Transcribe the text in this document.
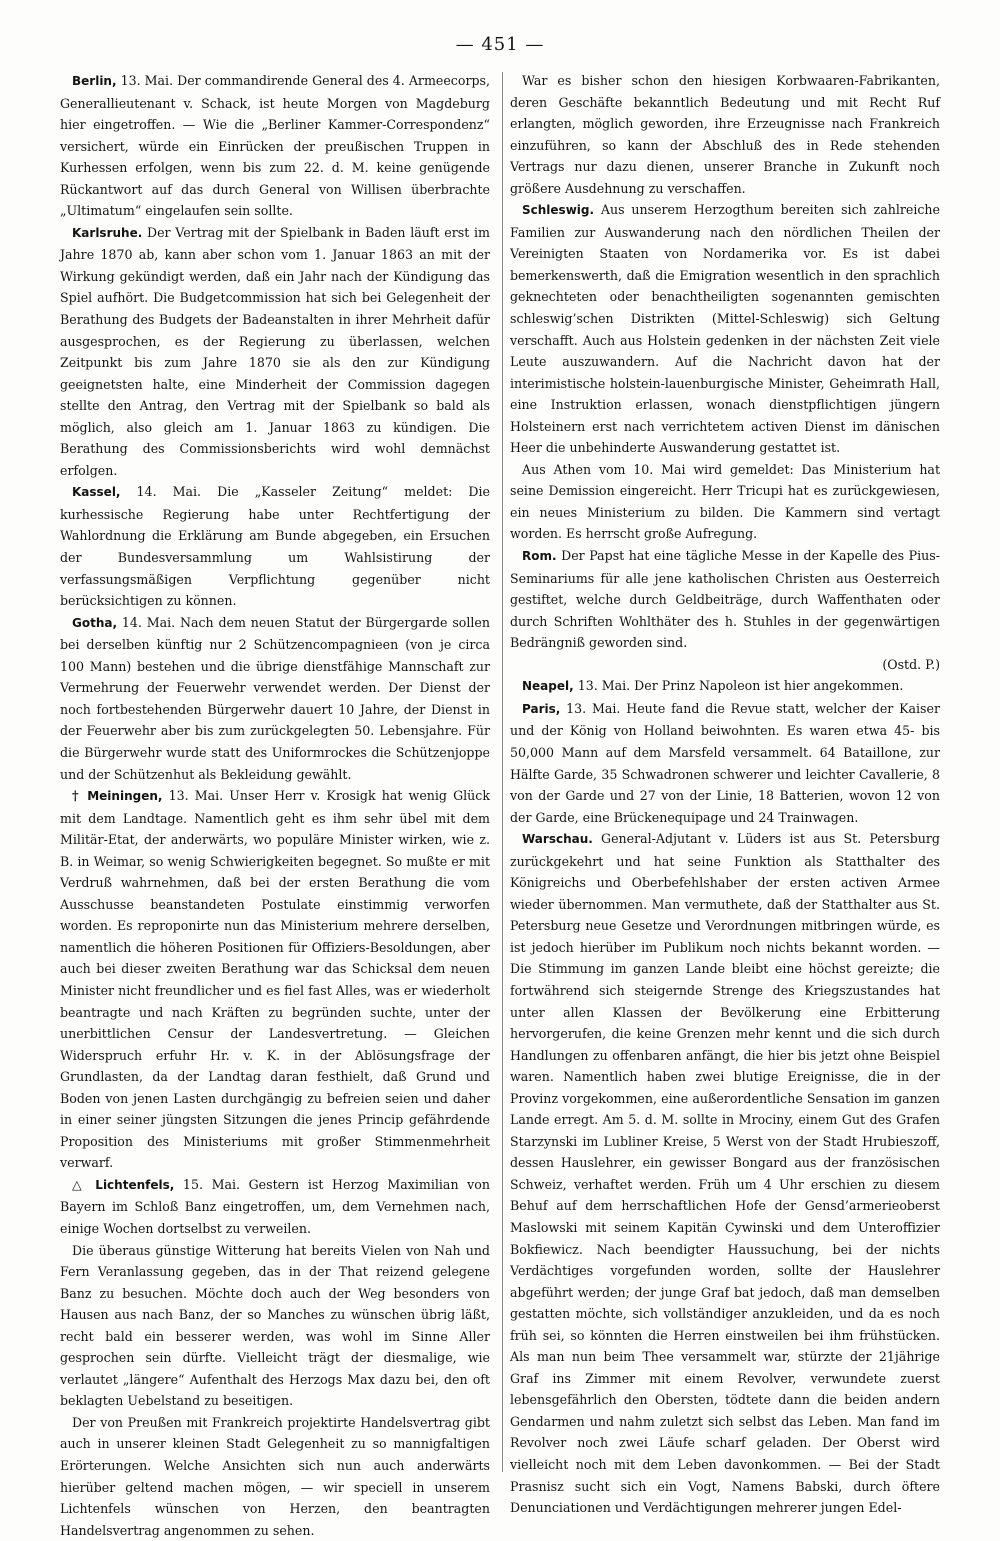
— 451 —

Berlin, 13. Mai. Der commandirende General des 4. Armeecorps, Generallieutenant v. Schack, ist heute Morgen von Magdeburg hier eingetroffen. — Wie die „Berliner Kammer-Correspondenz“ versichert, würde ein Einrücken der preußischen Truppen in Kurhessen erfolgen, wenn bis zum 22. d. M. keine genügende Rückantwort auf das durch General von Willisen überbrachte „Ultimatum“ eingelaufen sein sollte.

Karlsruhe. Der Vertrag mit der Spielbank in Baden läuft erst im Jahre 1870 ab, kann aber schon vom 1. Januar 1863 an mit der Wirkung gekündigt werden, daß ein Jahr nach der Kündigung das Spiel aufhört. Die Budgetcommission hat sich bei Gelegenheit der Berathung des Budgets der Badeanstalten in ihrer Mehrheit dafür ausgesprochen, es der Regierung zu überlassen, welchen Zeitpunkt bis zum Jahre 1870 sie als den zur Kündigung geeignetsten halte, eine Minderheit der Commission dagegen stellte den Antrag, den Vertrag mit der Spielbank so bald als möglich, also gleich am 1. Januar 1863 zu kündigen. Die Berathung des Commissionsberichts wird wohl demnächst erfolgen.

Kassel, 14. Mai. Die „Kasseler Zeitung“ meldet: Die kurhessische Regierung habe unter Rechtfertigung der Wahlordnung die Erklärung am Bunde abgegeben, ein Ersuchen der Bundesversammlung um Wahlsistirung der verfassungsmäßigen Verpflichtung gegenüber nicht berücksichtigen zu können.

Gotha, 14. Mai. Nach dem neuen Statut der Bürgergarde sollen bei derselben künftig nur 2 Schützencompagnieen (von je circa 100 Mann) bestehen und die übrige dienstfähige Mannschaft zur Vermehrung der Feuerwehr verwendet werden. Der Dienst der noch fortbestehenden Bürgerwehr dauert 10 Jahre, der Dienst in der Feuerwehr aber bis zum zurückgelegten 50. Lebensjahre. Für die Bürgerwehr wurde statt des Uniformrockes die Schützenjoppe und der Schützenhut als Bekleidung gewählt.

† Meiningen, 13. Mai. Unser Herr v. Krosigk hat wenig Glück mit dem Landtage. Namentlich geht es ihm sehr übel mit dem Militär-Etat, der anderwärts, wo populäre Minister wirken, wie z. B. in Weimar, so wenig Schwierigkeiten begegnet. So mußte er mit Verdruß wahrnehmen, daß bei der ersten Berathung die vom Ausschusse beanstandeten Postulate einstimmig verworfen worden. Es reproponirte nun das Ministerium mehrere derselben, namentlich die höheren Positionen für Offiziers-Besoldungen, aber auch bei dieser zweiten Berathung war das Schicksal dem neuen Minister nicht freundlicher und es fiel fast Alles, was er wiederholt beantragte und nach Kräften zu begründen suchte, unter der unerbittlichen Censur der Landesvertretung. — Gleichen Widerspruch erfuhr Hr. v. K. in der Ablösungsfrage der Grundlasten, da der Landtag daran festhielt, daß Grund und Boden von jenen Lasten durchgängig zu befreien seien und daher in einer seiner jüngsten Sitzungen die jenes Princip gefährdende Proposition des Ministeriums mit großer Stimmenmehrheit verwarf.

△ Lichtenfels, 15. Mai. Gestern ist Herzog Maximilian von Bayern im Schloß Banz eingetroffen, um, dem Vernehmen nach, einige Wochen dortselbst zu verweilen.

Die überaus günstige Witterung hat bereits Vielen von Nah und Fern Veranlassung gegeben, das in der That reizend gelegene Banz zu besuchen. Möchte doch auch der Weg besonders von Hausen aus nach Banz, der so Manches zu wünschen übrig läßt, recht bald ein besserer werden, was wohl im Sinne Aller gesprochen sein dürfte. Vielleicht trägt der diesmalige, wie verlautet „längere“ Aufenthalt des Herzogs Max dazu bei, den oft beklagten Uebelstand zu beseitigen.

Der von Preußen mit Frankreich projektirte Handelsvertrag gibt auch in unserer kleinen Stadt Gelegenheit zu so mannigfaltigen Erörterungen. Welche Ansichten sich nun auch anderwärts hierüber geltend machen mögen, — wir speciell in unserem Lichtenfels wünschen von Herzen, den beantragten Handelsvertrag angenommen zu sehen.

War es bisher schon den hiesigen Korbwaaren-Fabrikanten, deren Geschäfte bekanntlich Bedeutung und mit Recht Ruf erlangten, möglich geworden, ihre Erzeugnisse nach Frankreich einzuführen, so kann der Abschluß des in Rede stehenden Vertrags nur dazu dienen, unserer Branche in Zukunft noch größere Ausdehnung zu verschaffen.

Schleswig. Aus unserem Herzogthum bereiten sich zahlreiche Familien zur Auswanderung nach den nördlichen Theilen der Vereinigten Staaten von Nordamerika vor. Es ist dabei bemerkenswerth, daß die Emigration wesentlich in den sprachlich geknechteten oder benachtheiligten sogenannten gemischten schleswig’schen Distrikten (Mittel-Schleswig) sich Geltung verschafft. Auch aus Holstein gedenken in der nächsten Zeit viele Leute auszuwandern. Auf die Nachricht davon hat der interimistische holstein-lauenburgische Minister, Geheimrath Hall, eine Instruktion erlassen, wonach dienstpflichtigen jüngern Holsteinern erst nach verrichtetem activen Dienst im dänischen Heer die unbehinderte Auswanderung gestattet ist.

Aus Athen vom 10. Mai wird gemeldet: Das Ministerium hat seine Demission eingereicht. Herr Tricupi hat es zurückgewiesen, ein neues Ministerium zu bilden. Die Kammern sind vertagt worden. Es herrscht große Aufregung.

Rom. Der Papst hat eine tägliche Messe in der Kapelle des Pius-Seminariums für alle jene katholischen Christen aus Oesterreich gestiftet, welche durch Geldbeiträge, durch Waffenthaten oder durch Schriften Wohlthäter des h. Stuhles in der gegenwärtigen Bedrängniß geworden sind.
(Ostd. P.)

Neapel, 13. Mai. Der Prinz Napoleon ist hier angekommen.

Paris, 13. Mai. Heute fand die Revue statt, welcher der Kaiser und der König von Holland beiwohnten. Es waren etwa 45- bis 50,000 Mann auf dem Marsfeld versammelt. 64 Bataillone, zur Hälfte Garde, 35 Schwadronen schwerer und leichter Cavallerie, 8 von der Garde und 27 von der Linie, 18 Batterien, wovon 12 von der Garde, eine Brückenequipage und 24 Trainwagen.

Warschau. General-Adjutant v. Lüders ist aus St. Petersburg zurückgekehrt und hat seine Funktion als Statthalter des Königreichs und Oberbefehlshaber der ersten activen Armee wieder übernommen. Man vermuthete, daß der Statthalter aus St. Petersburg neue Gesetze und Verordnungen mitbringen würde, es ist jedoch hierüber im Publikum noch nichts bekannt worden. — Die Stimmung im ganzen Lande bleibt eine höchst gereizte; die fortwährend sich steigernde Strenge des Kriegszustandes hat unter allen Klassen der Bevölkerung eine Erbitterung hervorgerufen, die keine Grenzen mehr kennt und die sich durch Handlungen zu offenbaren anfängt, die hier bis jetzt ohne Beispiel waren. Namentlich haben zwei blutige Ereignisse, die in der Provinz vorgekommen, eine außerordentliche Sensation im ganzen Lande erregt. Am 5. d. M. sollte in Mrociny, einem Gut des Grafen Starzynski im Lubliner Kreise, 5 Werst von der Stadt Hrubieszoff, dessen Hauslehrer, ein gewisser Bongard aus der französischen Schweiz, verhaftet werden. Früh um 4 Uhr erschien zu diesem Behuf auf dem herrschaftlichen Hofe der Gensd’armerieoberst Maslowski mit seinem Kapitän Cywinski und dem Unteroffizier Bokfiewicz. Nach beendigter Haussuchung, bei der nichts Verdächtiges vorgefunden worden, sollte der Hauslehrer abgeführt werden; der junge Graf bat jedoch, daß man demselben gestatten möchte, sich vollständiger anzukleiden, und da es noch früh sei, so könnten die Herren einstweilen bei ihm frühstücken. Als man nun beim Thee versammelt war, stürzte der 21jährige Graf ins Zimmer mit einem Revolver, verwundete zuerst lebensgefährlich den Obersten, tödtete dann die beiden andern Gendarmen und nahm zuletzt sich selbst das Leben. Man fand im Revolver noch zwei Läufe scharf geladen. Der Oberst wird vielleicht noch mit dem Leben davonkommen. — Bei der Stadt Prasnisz sucht sich ein Vogt, Namens Babski, durch öftere Denunciationen und Verdächtigungen mehrerer jungen Edel-
